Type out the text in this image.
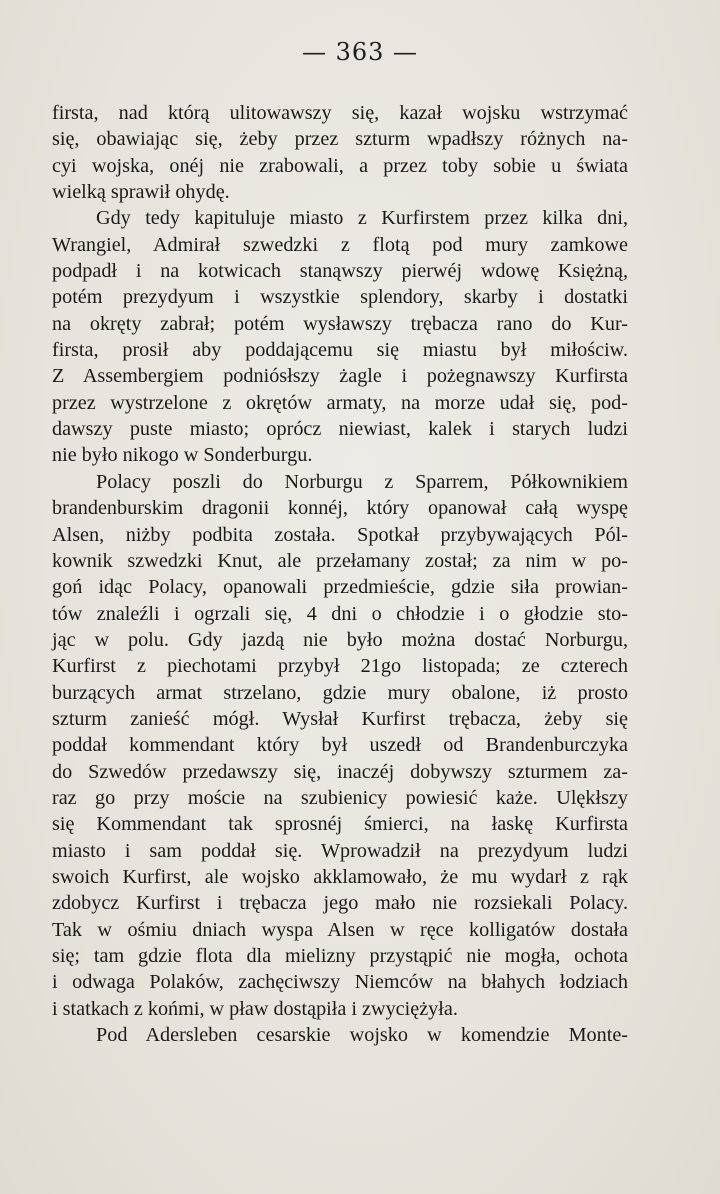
— 363 —
firsta, nad którą ulitowawszy się, kazał wojsku wstrzymać
się, obawiając się, żeby przez szturm wpadłszy różnych na-
cyi wojska, onéj nie zrabowali, a przez toby sobie u świata
wielką sprawił ohydę.
Gdy tedy kapituluje miasto z Kurfirstem przez kilka dni,
Wrangiel, Admirał szwedzki z flotą pod mury zamkowe
podpadł i na kotwicach stanąwszy pierwéj wdowę Księżną,
potém prezydyum i wszystkie splendory, skarby i dostatki
na okręty zabrał; potém wysławszy trębacza rano do Kur-
firsta, prosił aby poddającemu się miastu był miłościw.
Z Assembergiem podniósłszy żagle i pożegnawszy Kurfirsta
przez wystrzelone z okrętów armaty, na morze udał się, pod-
dawszy puste miasto; oprócz niewiast, kalek i starych ludzi
nie było nikogo w Sonderburgu.
Polacy poszli do Norburgu z Sparrem, Półkownikiem
brandenburskim dragonii konnéj, który opanował całą wyspę
Alsen, niżby podbita została. Spotkał przybywających Pól-
kownik szwedzki Knut, ale przełamany został; za nim w po-
goń idąc Polacy, opanowali przedmieście, gdzie siła prowian-
tów znaleźli i ogrzali się, 4 dni o chłodzie i o głodzie sto-
jąc w polu. Gdy jazdą nie było można dostać Norburgu,
Kurfirst z piechotami przybył 21go listopada; ze czterech
burzących armat strzelano, gdzie mury obalone, iż prosto
szturm zanieść mógł. Wysłał Kurfirst trębacza, żeby się
poddał kommendant który był uszedł od Brandenburczyka
do Szwedów przedawszy się, inaczéj dobywszy szturmem za-
raz go przy moście na szubienicy powiesić każe. Ulękłszy
się Kommendant tak sprosnéj śmierci, na łaskę Kurfirsta
miasto i sam poddał się. Wprowadził na prezydyum ludzi
swoich Kurfirst, ale wojsko akklamowało, że mu wydarł z rąk
zdobycz Kurfirst i trębacza jego mało nie rozsiekali Polacy.
Tak w ośmiu dniach wyspa Alsen w ręce kolligatów dostała
się; tam gdzie flota dla mielizny przystąpić nie mogła, ochota
i odwaga Polaków, zachęciwszy Niemców na błahych łodziach
i statkach z końmi, w pław dostąpiła i zwyciężyła.
Pod Adersleben cesarskie wojsko w komendzie Monte-
